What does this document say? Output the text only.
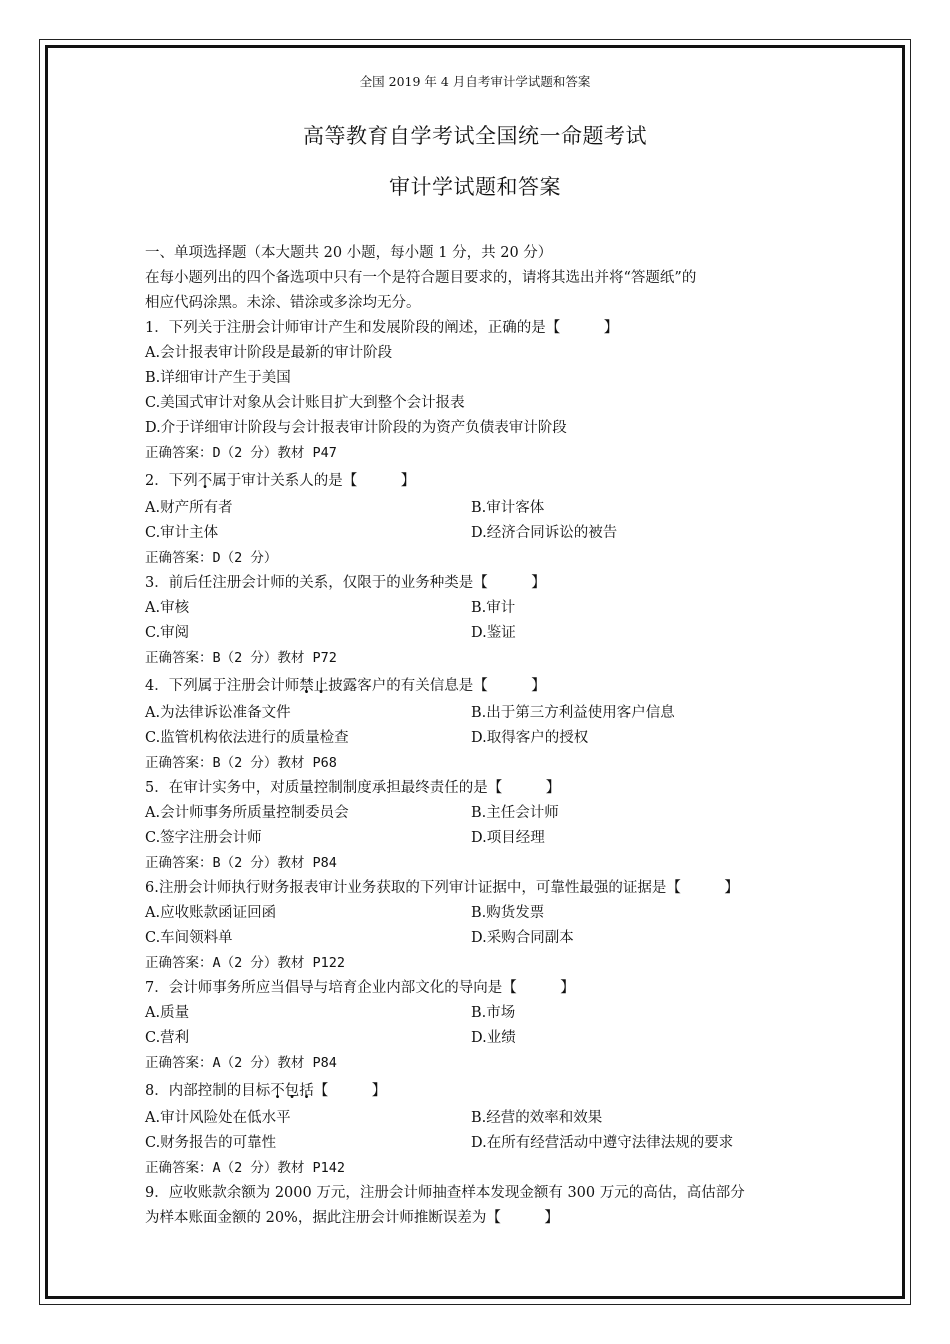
全国 2019 年 4 月自考审计学试题和答案
高等教育自学考试全国统一命题考试
审计学试题和答案
一、单项选择题（本大题共 20 小题，每小题 1 分，共 20 分）
在每小题列出的四个备选项中只有一个是符合题目要求的，请将其选出并将“答题纸”的
相应代码涂黑。未涂、错涂或多涂均无分。
1．下列关于注册会计师审计产生和发展阶段的阐述，正确的是【　　　】
A.会计报表审计阶段是最新的审计阶段
B.详细审计产生于美国
C.美国式审计对象从会计账目扩大到整个会计报表
D.介于详细审计阶段与会计报表审计阶段的为资产负债表审计阶段
正确答案：D（2 分）教材 P47
2．下列不属于审计关系人的是【　　　】
A.财产所有者	B.审计客体
C.审计主体	D.经济合同诉讼的被告
正确答案：D（2 分）
3．前后任注册会计师的关系，仅限于的业务种类是【　　　】
A.审核	B.审计
C.审阅	D.鉴证
正确答案：B（2 分）教材 P72
4．下列属于注册会计师禁止披露客户的有关信息是【　　　】
A.为法律诉讼准备文件	B.出于第三方利益使用客户信息
C.监管机构依法进行的质量检查	D.取得客户的授权
正确答案：B（2 分）教材 P68
5．在审计实务中，对质量控制制度承担最终责任的是【　　　】
A.会计师事务所质量控制委员会	B.主任会计师
C.签字注册会计师	D.项目经理
正确答案：B（2 分）教材 P84
6.注册会计师执行财务报表审计业务获取的下列审计证据中，可靠性最强的证据是【　　　】
A.应收账款函证回函	B.购货发票
C.车间领料单	D.采购合同副本
正确答案：A（2 分）教材 P122
7．会计师事务所应当倡导与培育企业内部文化的导向是【　　　】
A.质量	B.市场
C.营利	D.业绩
正确答案：A（2 分）教材 P84
8．内部控制的目标不包括【　　　】
A.审计风险处在低水平	B.经营的效率和效果
C.财务报告的可靠性	D.在所有经营活动中遵守法律法规的要求
正确答案：A（2 分）教材 P142
9．应收账款余额为 2000 万元，注册会计师抽查样本发现金额有 300 万元的高估，高估部分
为样本账面金额的 20%，据此注册会计师推断误差为【　　　】
